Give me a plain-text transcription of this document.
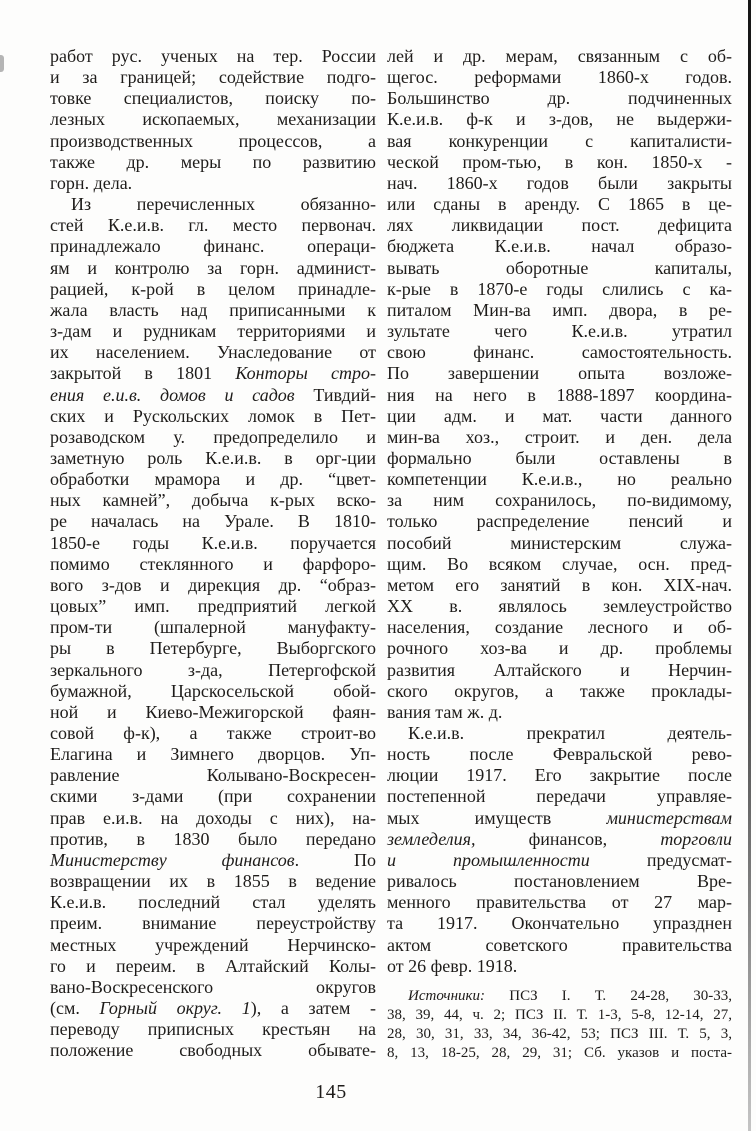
работ рус. ученых на тер. России
и за границей; содействие подго-
товке специалистов, поиску по-
лезных ископаемых, механизации
производственных процессов, а
также др. меры по развитию
горн. дела.
Из перечисленных обязанно-
стей К.е.и.в. гл. место первонач.
принадлежало финанс. операци-
ям и контролю за горн. админист-
рацией, к-рой в целом принадле-
жала власть над приписанными к
з-дам и рудникам территориями и
их населением. Унаследование от
закрытой в 1801 Конторы стро-
ения е.и.в. домов и садов Тивдий-
ских и Рускольских ломок в Пет-
розаводском у. предопределило и
заметную роль К.е.и.в. в орг-ции
обработки мрамора и др. “цвет-
ных камней”, добыча к-рых вско-
ре началась на Урале. В 1810-
1850-е годы К.е.и.в. поручается
помимо стеклянного и фарфоро-
вого з-дов и дирекция др. “образ-
цовых” имп. предприятий легкой
пром-ти (шпалерной мануфакту-
ры в Петербурге, Выборгского
зеркального з-да, Петергофской
бумажной, Царскосельской обой-
ной и Киево-Межигорской фаян-
совой ф-к), а также строит-во
Елагина и Зимнего дворцов. Уп-
равление Колывано-Воскресен-
скими з-дами (при сохранении
прав е.и.в. на доходы с них), на-
против, в 1830 было передано
Министерству финансов. По
возвращении их в 1855 в ведение
К.е.и.в. последний стал уделять
преим. внимание переустройству
местных учреждений Нерчинско-
го и переим. в Алтайский Колы-
вано-Воскресенского округов
(см. Горный округ. 1), а затем -
переводу приписных крестьян на
положение свободных обывате-
лей и др. мерам, связанным с об-
щегос. реформами 1860-х годов.
Большинство др. подчиненных
К.е.и.в. ф-к и з-дов, не выдержи-
вая конкуренции с капиталисти-
ческой пром-тью, в кон. 1850-х -
нач. 1860-х годов были закрыты
или сданы в аренду. С 1865 в це-
лях ликвидации пост. дефицита
бюджета К.е.и.в. начал образо-
вывать оборотные капиталы,
к-рые в 1870-е годы слились с ка-
питалом Мин-ва имп. двора, в ре-
зультате чего К.е.и.в. утратил
свою финанс. самостоятельность.
По завершении опыта возложе-
ния на него в 1888-1897 координа-
ции адм. и мат. части данного
мин-ва хоз., строит. и ден. дела
формально были оставлены в
компетенции К.е.и.в., но реально
за ним сохранилось, по-видимому,
только распределение пенсий и
пособий министерским служа-
щим. Во всяком случае, осн. пред-
метом его занятий в кон. XIX-нач.
XX в. являлось землеустройство
населения, создание лесного и об-
рочного хоз-ва и др. проблемы
развития Алтайского и Нерчин-
ского округов, а также проклады-
вания там ж. д.
К.е.и.в. прекратил деятель-
ность после Февральской рево-
люции 1917. Его закрытие после
постепенной передачи управляе-
мых имуществ министерствам
земледелия, финансов, торговли
и промышленности предусмат-
ривалось постановлением Вре-
менного правительства от 27 мар-
та 1917. Окончательно упразднен
актом советского правительства
от 26 февр. 1918.
Источники: ПСЗ I. Т. 24-28, 30-33,
38, 39, 44, ч. 2; ПСЗ II. Т. 1-3, 5-8, 12-14, 27,
28, 30, 31, 33, 34, 36-42, 53; ПСЗ III. Т. 5, 3,
8, 13, 18-25, 28, 29, 31; Сб. указов и поста-
145
